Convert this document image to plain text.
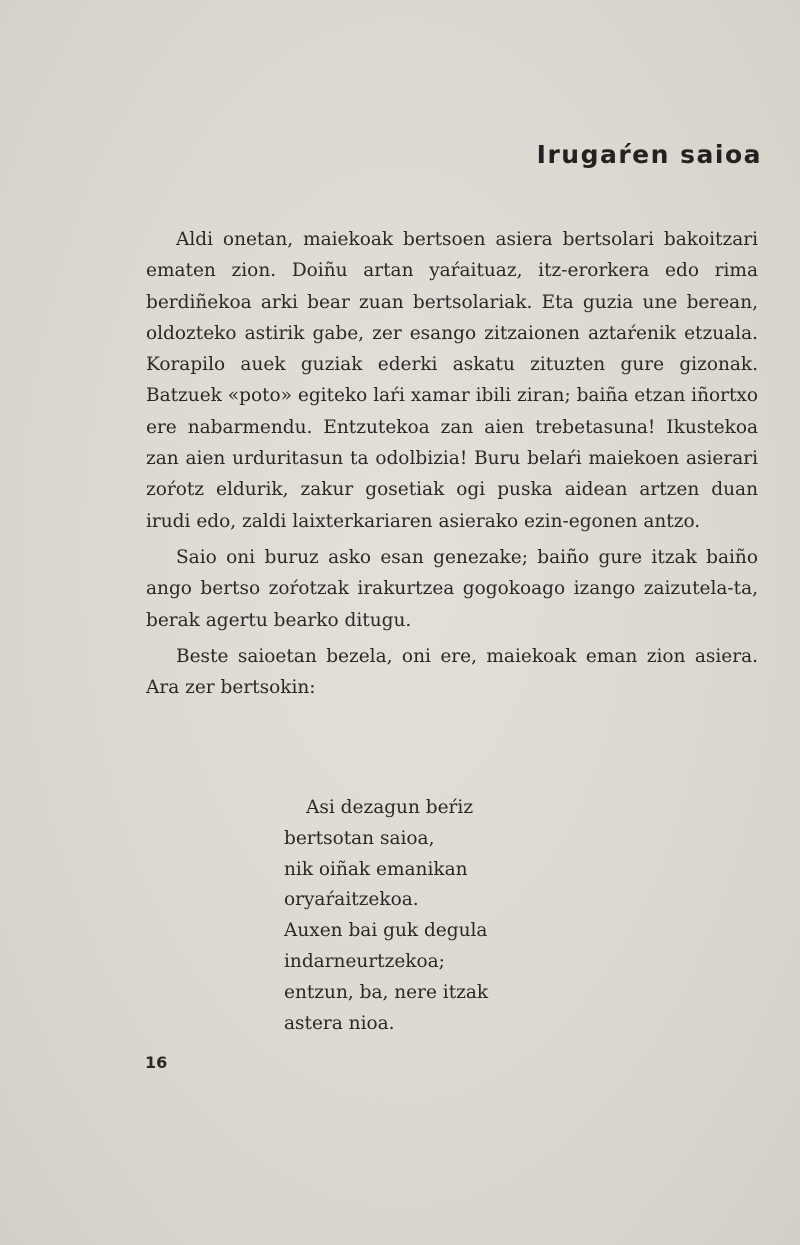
Irugaŕen saioa

Aldi onetan, maiekoak bertsoen asiera bertsolari bakoitzari ematen zion. Doiñu artan yaŕaituaz, itz-erorkera edo rima berdiñekoa arki bear zuan bertsolariak. Eta guzia une berean, oldozteko astirik gabe, zer esango zitzaionen aztaŕenik etzuala. Korapilo auek guziak ederki askatu zituzten gure gizonak. Batzuek «poto» egiteko laŕi xamar ibili ziran; baiña etzan iñortxo ere nabarmendu. Entzutekoa zan aien trebetasuna! Ikustekoa zan aien urduritasun ta odolbizia! Buru belaŕi maiekoen asierari zoŕotz eldurik, zakur gosetiak ogi puska aidean artzen duan irudi edo, zaldi laixterkariaren asierako ezin-egonen antzo.

Saio oni buruz asko esan genezake; baiño gure itzak baiño ango bertso zoŕotzak irakurtzea gogokoago izango zaizutela-ta, berak agertu bearko ditugu.

Beste saioetan bezela, oni ere, maiekoak eman zion asiera. Ara zer bertsokin:

Asi dezagun beŕiz
bertsotan saioa,
nik oiñak emanikan
oryaŕaitzekoa.
Auxen bai guk degula
indarneurtzekoa;
entzun, ba, nere itzak
astera nioa.
16
